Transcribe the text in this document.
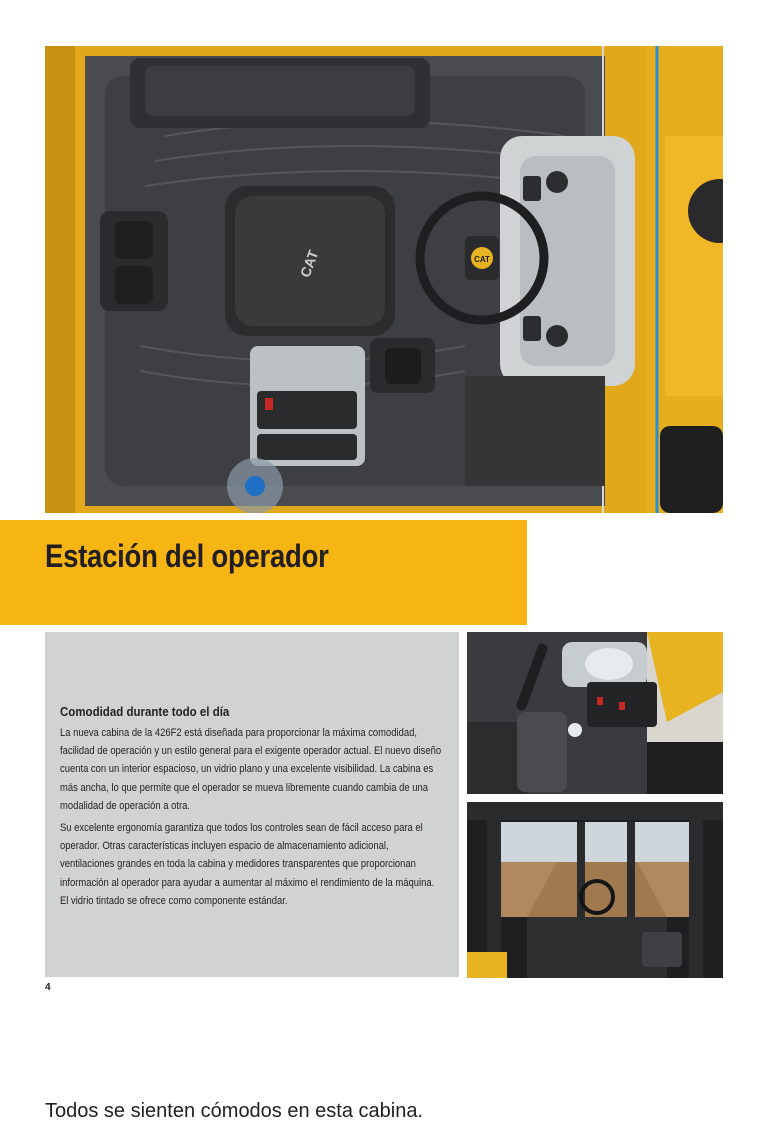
CAT
CAT
Estación del operador

Todos se sienten cómodos en esta cabina.

Comodidad durante todo el día

La nueva cabina de la 426F2 está diseñada para proporcionar la máxima comodidad, facilidad de operación y un estilo general para el exigente operador actual. El nuevo diseño cuenta con un interior espacioso, un vidrio plano y una excelente visibilidad. La cabina es más ancha, lo que permite que el operador se mueva libremente cuando cambia de una modalidad de operación a otra.

Su excelente ergonomía garantiza que todos los controles sean de fácil acceso para el operador. Otras características incluyen espacio de almacenamiento adicional, ventilaciones grandes en toda la cabina y medidores transparentes que proporcionan información al operador para ayudar a aumentar al máximo el rendimiento de la máquina. El vidrio tintado se ofrece como componente estándar.

4
